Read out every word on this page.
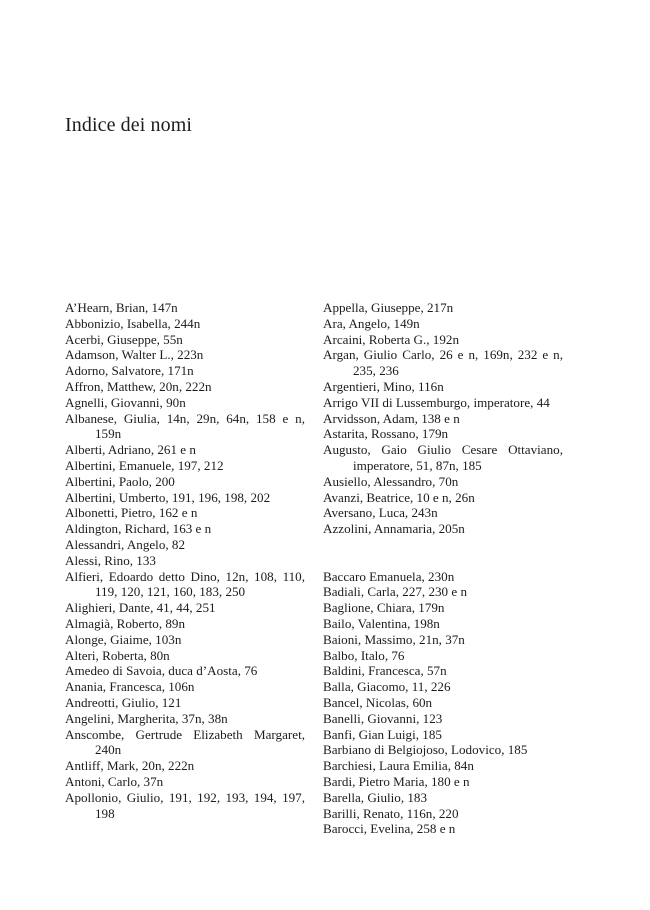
Indice dei nomi

A’Hearn, Brian, 147n

Abbonizio, Isabella, 244n

Acerbi, Giuseppe, 55n

Adamson, Walter L., 223n

Adorno, Salvatore, 171n

Affron, Matthew, 20n, 222n

Agnelli, Giovanni, 90n

Albanese, Giulia, 14n, 29n, 64n, 158 e n, 159n

Alberti, Adriano, 261 e n

Albertini, Emanuele, 197, 212

Albertini, Paolo, 200

Albertini, Umberto, 191, 196, 198, 202

Albonetti, Pietro, 162 e n

Aldington, Richard, 163 e n

Alessandri, Angelo, 82

Alessi, Rino, 133

Alfieri, Edoardo detto Dino, 12n, 108, 110, 119, 120, 121, 160, 183, 250

Alighieri, Dante, 41, 44, 251

Almagià, Roberto, 89n

Alonge, Giaime, 103n

Alteri, Roberta, 80n

Amedeo di Savoia, duca d’Aosta, 76

Anania, Francesca, 106n

Andreotti, Giulio, 121

Angelini, Margherita, 37n, 38n

Anscombe, Gertrude Elizabeth Margaret, 240n

Antliff, Mark, 20n, 222n

Antoni, Carlo, 37n

Apollonio, Giulio, 191, 192, 193, 194, 197, 198

Appella, Giuseppe, 217n

Ara, Angelo, 149n

Arcaini, Roberta G., 192n

Argan, Giulio Carlo, 26 e n, 169n, 232 e n, 235, 236

Argentieri, Mino, 116n

Arrigo VII di Lussemburgo, imperatore, 44

Arvidsson, Adam, 138 e n

Astarita, Rossano, 179n

Augusto, Gaio Giulio Cesare Ottaviano, imperatore, 51, 87n, 185

Ausiello, Alessandro, 70n

Avanzi, Beatrice, 10 e n, 26n

Aversano, Luca, 243n

Azzolini, Annamaria, 205n

Baccaro Emanuela, 230n

Badiali, Carla, 227, 230 e n

Baglione, Chiara, 179n

Bailo, Valentina, 198n

Baioni, Massimo, 21n, 37n

Balbo, Italo, 76

Baldini, Francesca, 57n

Balla, Giacomo, 11, 226

Bancel, Nicolas, 60n

Banelli, Giovanni, 123

Banfi, Gian Luigi, 185

Barbiano di Belgiojoso, Lodovico, 185

Barchiesi, Laura Emilia, 84n

Bardi, Pietro Maria, 180 e n

Barella, Giulio, 183

Barilli, Renato, 116n, 220

Barocci, Evelina, 258 e n
